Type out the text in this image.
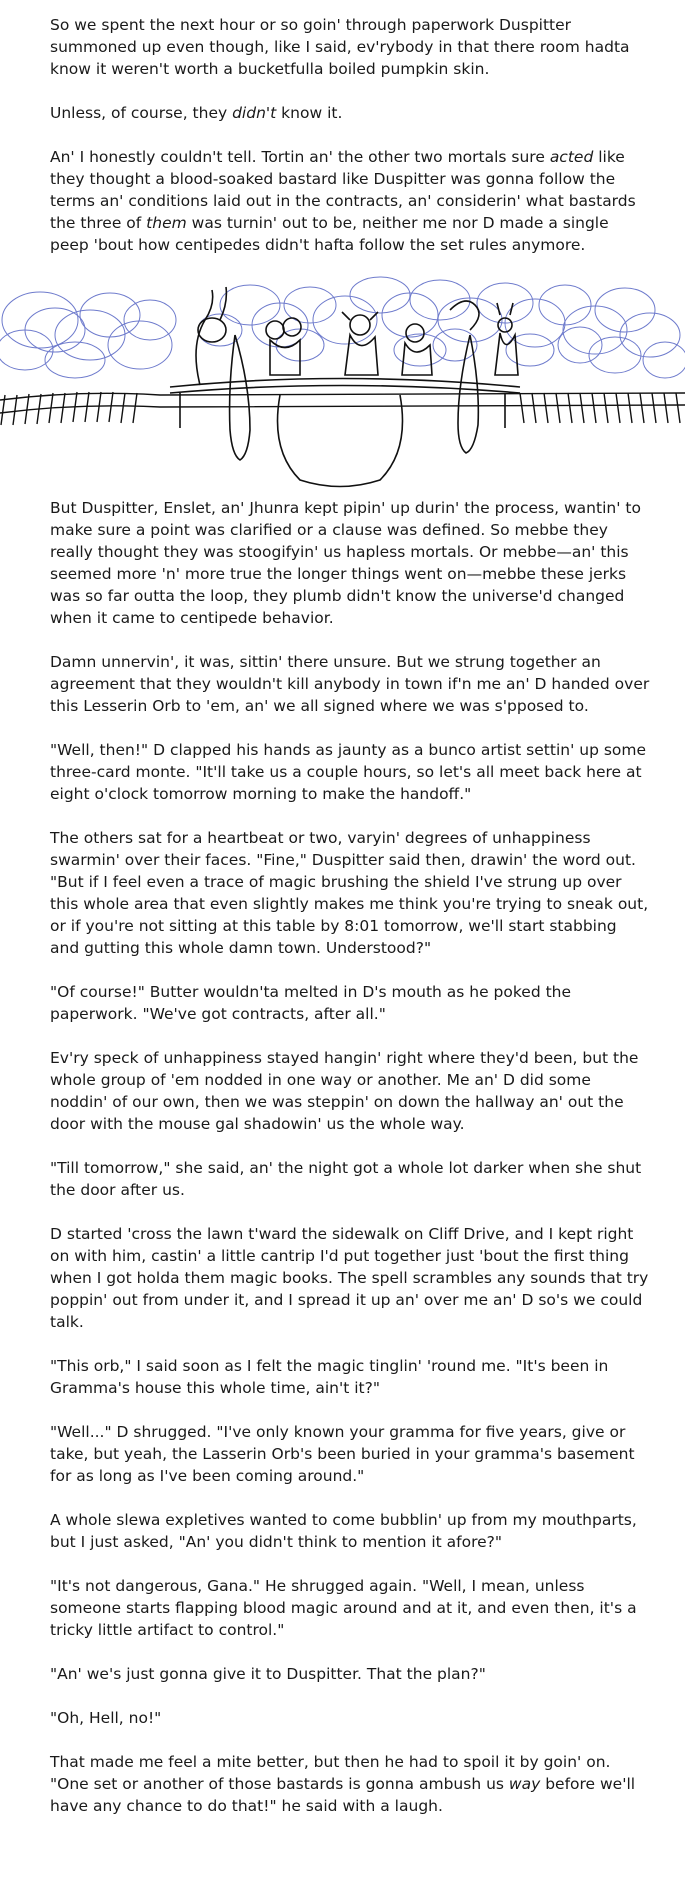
So we spent the next hour or so goin' through paperwork Duspitter summoned up even though, like I said, ev'rybody in that there room hadta know it weren't worth a bucketfulla boiled pumpkin skin.

Unless, of course, they didn't know it.

An' I honestly couldn't tell. Tortin an' the other two mortals sure acted like they thought a blood-soaked bastard like Duspitter was gonna follow the terms an' conditions laid out in the contracts, an' considerin' what bastards the three of them was turnin' out to be, neither me nor D made a single peep 'bout how centipedes didn't hafta follow the set rules anymore.

But Duspitter, Enslet, an' Jhunra kept pipin' up durin' the process, wantin' to make sure a point was clarified or a clause was defined. So mebbe they really thought they was stoogifyin' us hapless mortals. Or mebbe—an' this seemed more 'n' more true the longer things went on—mebbe these jerks was so far outta the loop, they plumb didn't know the universe'd changed when it came to centipede behavior.

Damn unnervin', it was, sittin' there unsure. But we strung together an agreement that they wouldn't kill anybody in town if'n me an' D handed over this Lesserin Orb to 'em, an' we all signed where we was s'pposed to.

"Well, then!" D clapped his hands as jaunty as a bunco artist settin' up some three-card monte. "It'll take us a couple hours, so let's all meet back here at eight o'clock tomorrow morning to make the handoff."

The others sat for a heartbeat or two, varyin' degrees of unhappiness swarmin' over their faces. "Fine," Duspitter said then, drawin' the word out. "But if I feel even a trace of magic brushing the shield I've strung up over this whole area that even slightly makes me think you're trying to sneak out, or if you're not sitting at this table by 8:01 tomorrow, we'll start stabbing and gutting this whole damn town. Understood?"

"Of course!" Butter wouldn'ta melted in D's mouth as he poked the paperwork. "We've got contracts, after all."

Ev'ry speck of unhappiness stayed hangin' right where they'd been, but the whole group of 'em nodded in one way or another. Me an' D did some noddin' of our own, then we was steppin' on down the hallway an' out the door with the mouse gal shadowin' us the whole way.

"Till tomorrow," she said, an' the night got a whole lot darker when she shut the door after us.

D started 'cross the lawn t'ward the sidewalk on Cliff Drive, and I kept right on with him, castin' a little cantrip I'd put together just 'bout the first thing when I got holda them magic books. The spell scrambles any sounds that try poppin' out from under it, and I spread it up an' over me an' D so's we could talk.

"This orb," I said soon as I felt the magic tinglin' 'round me. "It's been in Gramma's house this whole time, ain't it?"

"Well..." D shrugged. "I've only known your gramma for five years, give or take, but yeah, the Lasserin Orb's been buried in your gramma's basement for as long as I've been coming around."

A whole slewa expletives wanted to come bubblin' up from my mouthparts, but I just asked, "An' you didn't think to mention it afore?"

"It's not dangerous, Gana." He shrugged again. "Well, I mean, unless someone starts flapping blood magic around and at it, and even then, it's a tricky little artifact to control."

"An' we's just gonna give it to Duspitter. That the plan?"

"Oh, Hell, no!"

That made me feel a mite better, but then he had to spoil it by goin' on. "One set or another of those bastards is gonna ambush us way before we'll have any chance to do that!" he said with a laugh.
